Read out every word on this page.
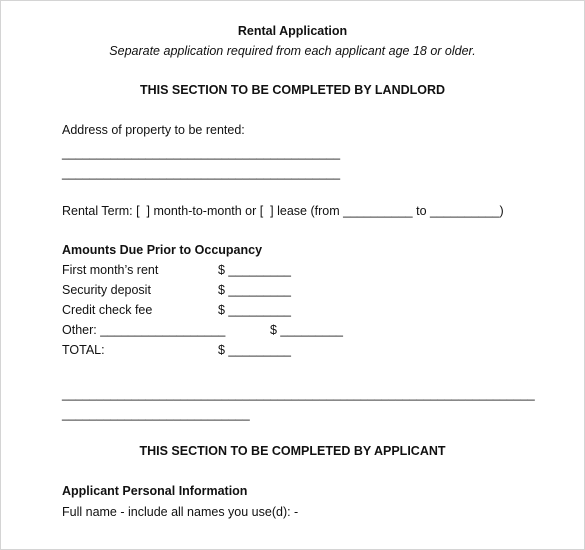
Rental Application
Separate application required from each applicant age 18 or older.
THIS SECTION TO BE COMPLETED BY LANDLORD
Address of property to be rented:
________________________________________
________________________________________
Rental Term: [  ] month-to-month or [  ] lease (from __________ to __________)
Amounts Due Prior to Occupancy
First month’s rent	$ _________
Security deposit	$ _________
Credit check fee	$ _________
Other: __________________	$ _________
TOTAL:	$ _________
____________________________________________________________________
___________________________
THIS SECTION TO BE COMPLETED BY APPLICANT
Applicant Personal Information
Full name - include all names you use(d): -
